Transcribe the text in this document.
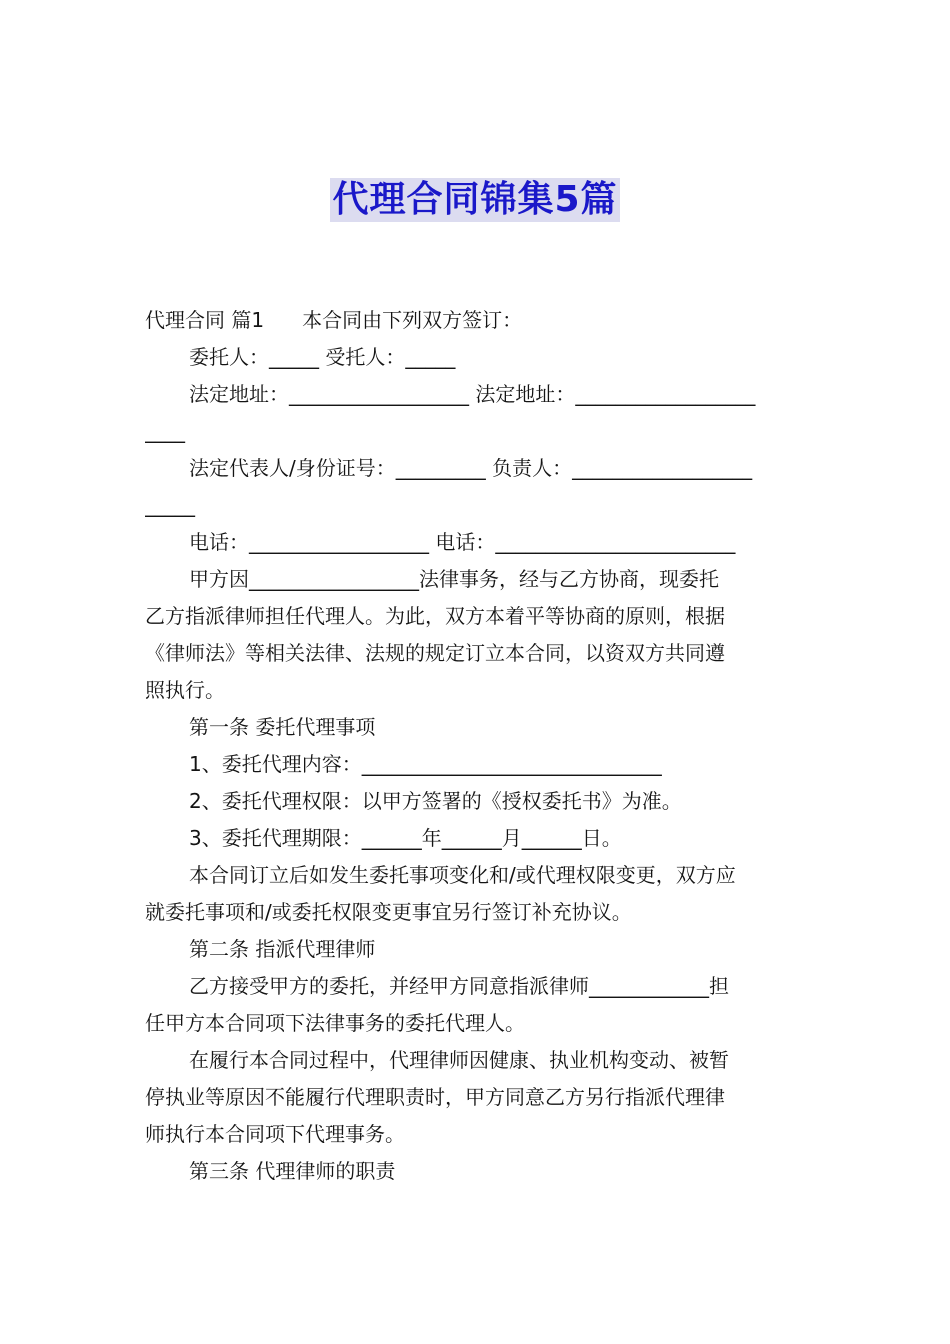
代理合同锦集5篇
代理合同 篇1 本合同由下列双方签订：
委托人：_____ 受托人：_____
法定地址：__________________ 法定地址：__________________
____
法定代表人/身份证号：_________ 负责人：__________________
_____
电话：__________________ 电话：________________________
甲方因_________________法律事务，经与乙方协商，现委托
乙方指派律师担任代理人。为此，双方本着平等协商的原则，根据
《律师法》等相关法律、法规的规定订立本合同，以资双方共同遵
照执行。
第一条 委托代理事项
1、委托代理内容：______________________________
2、委托代理权限：以甲方签署的《授权委托书》为准。
3、委托代理期限：______年______月______日。
本合同订立后如发生委托事项变化和/或代理权限变更，双方应
就委托事项和/或委托权限变更事宜另行签订补充协议。
第二条 指派代理律师
乙方接受甲方的委托，并经甲方同意指派律师____________担
任甲方本合同项下法律事务的委托代理人。
在履行本合同过程中，代理律师因健康、执业机构变动、被暂
停执业等原因不能履行代理职责时，甲方同意乙方另行指派代理律
师执行本合同项下代理事务。
第三条 代理律师的职责
